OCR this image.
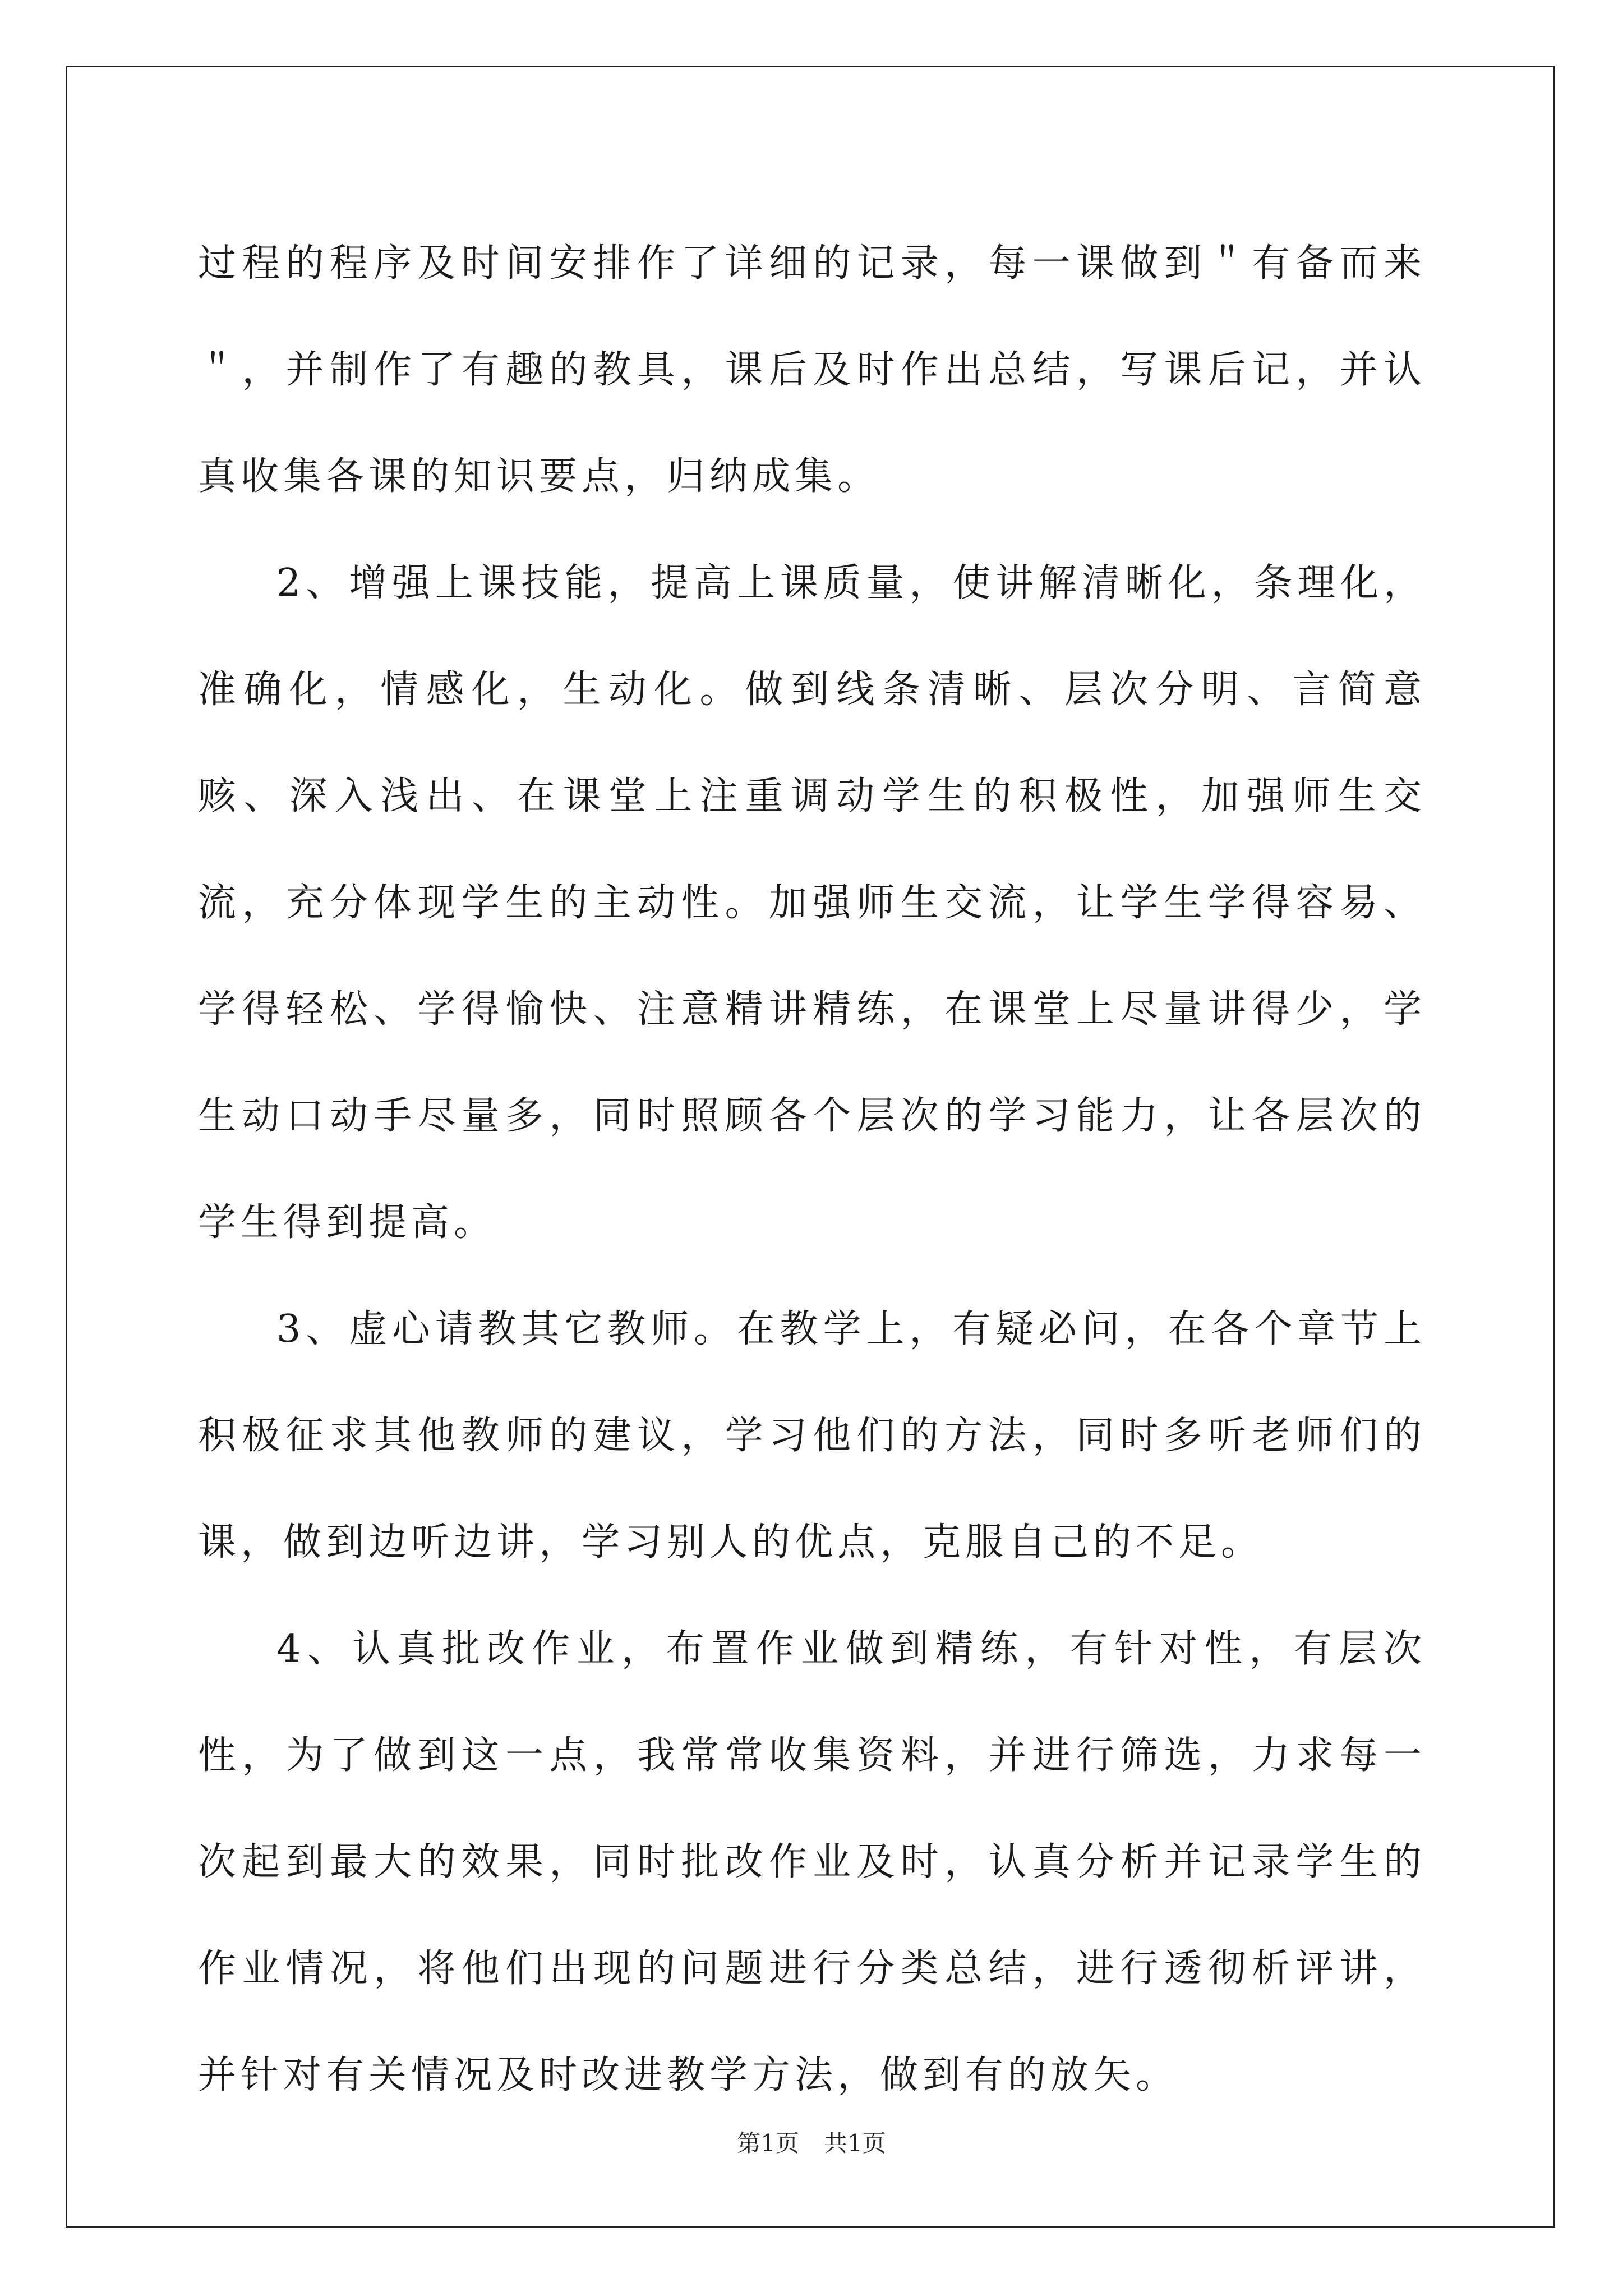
过程的程序及时间安排作了详细的记录，每一课做到＂有备而来＂，并制作了有趣的教具，课后及时作出总结，写课后记，并认真收集各课的知识要点，归纳成集。

2、增强上课技能，提高上课质量，使讲解清晰化，条理化，准确化，情感化，生动化。做到线条清晰、层次分明、言简意赅、深入浅出、在课堂上注重调动学生的积极性，加强师生交流，充分体现学生的主动性。加强师生交流，让学生学得容易、学得轻松、学得愉快、注意精讲精练，在课堂上尽量讲得少，学生动口动手尽量多，同时照顾各个层次的学习能力，让各层次的学生得到提高。

3、虚心请教其它教师。在教学上，有疑必问，在各个章节上积极征求其他教师的建议，学习他们的方法，同时多听老师们的课，做到边听边讲，学习别人的优点，克服自己的不足。

4、认真批改作业，布置作业做到精练，有针对性，有层次性，为了做到这一点，我常常收集资料，并进行筛选，力求每一次起到最大的效果，同时批改作业及时，认真分析并记录学生的作业情况，将他们出现的问题进行分类总结，进行透彻析评讲，并针对有关情况及时改进教学方法，做到有的放矢。

第1页 共1页
